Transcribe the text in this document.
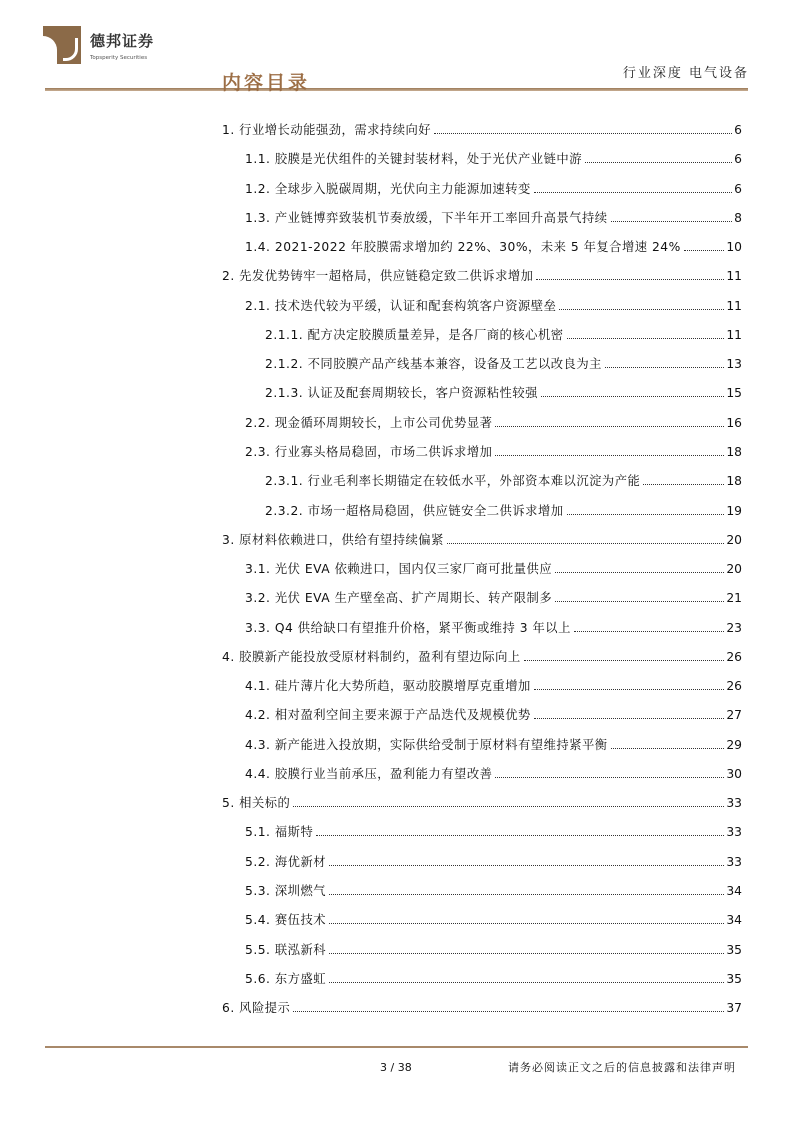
德邦证券
Topsperity Securities
行业深度 电气设备
内容目录
1. 行业增长动能强劲，需求持续向好	6
1.1. 胶膜是光伏组件的关键封装材料，处于光伏产业链中游	6
1.2. 全球步入脱碳周期，光伏向主力能源加速转变	6
1.3. 产业链博弈致装机节奏放缓，下半年开工率回升高景气持续	8
1.4. 2021-2022 年胶膜需求增加约 22%、30%，未来 5 年复合增速 24%	10
2. 先发优势铸牢一超格局，供应链稳定致二供诉求增加	11
2.1. 技术迭代较为平缓，认证和配套构筑客户资源壁垒	11
2.1.1. 配方决定胶膜质量差异，是各厂商的核心机密	11
2.1.2. 不同胶膜产品产线基本兼容，设备及工艺以改良为主	13
2.1.3. 认证及配套周期较长，客户资源粘性较强	15
2.2. 现金循环周期较长，上市公司优势显著	16
2.3. 行业寡头格局稳固，市场二供诉求增加	18
2.3.1. 行业毛利率长期锚定在较低水平，外部资本难以沉淀为产能	18
2.3.2. 市场一超格局稳固，供应链安全二供诉求增加	19
3. 原材料依赖进口，供给有望持续偏紧	20
3.1. 光伏 EVA 依赖进口，国内仅三家厂商可批量供应	20
3.2. 光伏 EVA 生产壁垒高、扩产周期长、转产限制多	21
3.3. Q4 供给缺口有望推升价格，紧平衡或维持 3 年以上	23
4. 胶膜新产能投放受原材料制约，盈利有望边际向上	26
4.1. 硅片薄片化大势所趋，驱动胶膜增厚克重增加	26
4.2. 相对盈利空间主要来源于产品迭代及规模优势	27
4.3. 新产能进入投放期，实际供给受制于原材料有望维持紧平衡	29
4.4. 胶膜行业当前承压，盈利能力有望改善	30
5. 相关标的	33
5.1. 福斯特	33
5.2. 海优新材	33
5.3. 深圳燃气	34
5.4. 赛伍技术	34
5.5. 联泓新科	35
5.6. 东方盛虹	35
6. 风险提示	37
3 / 38	请务必阅读正文之后的信息披露和法律声明
